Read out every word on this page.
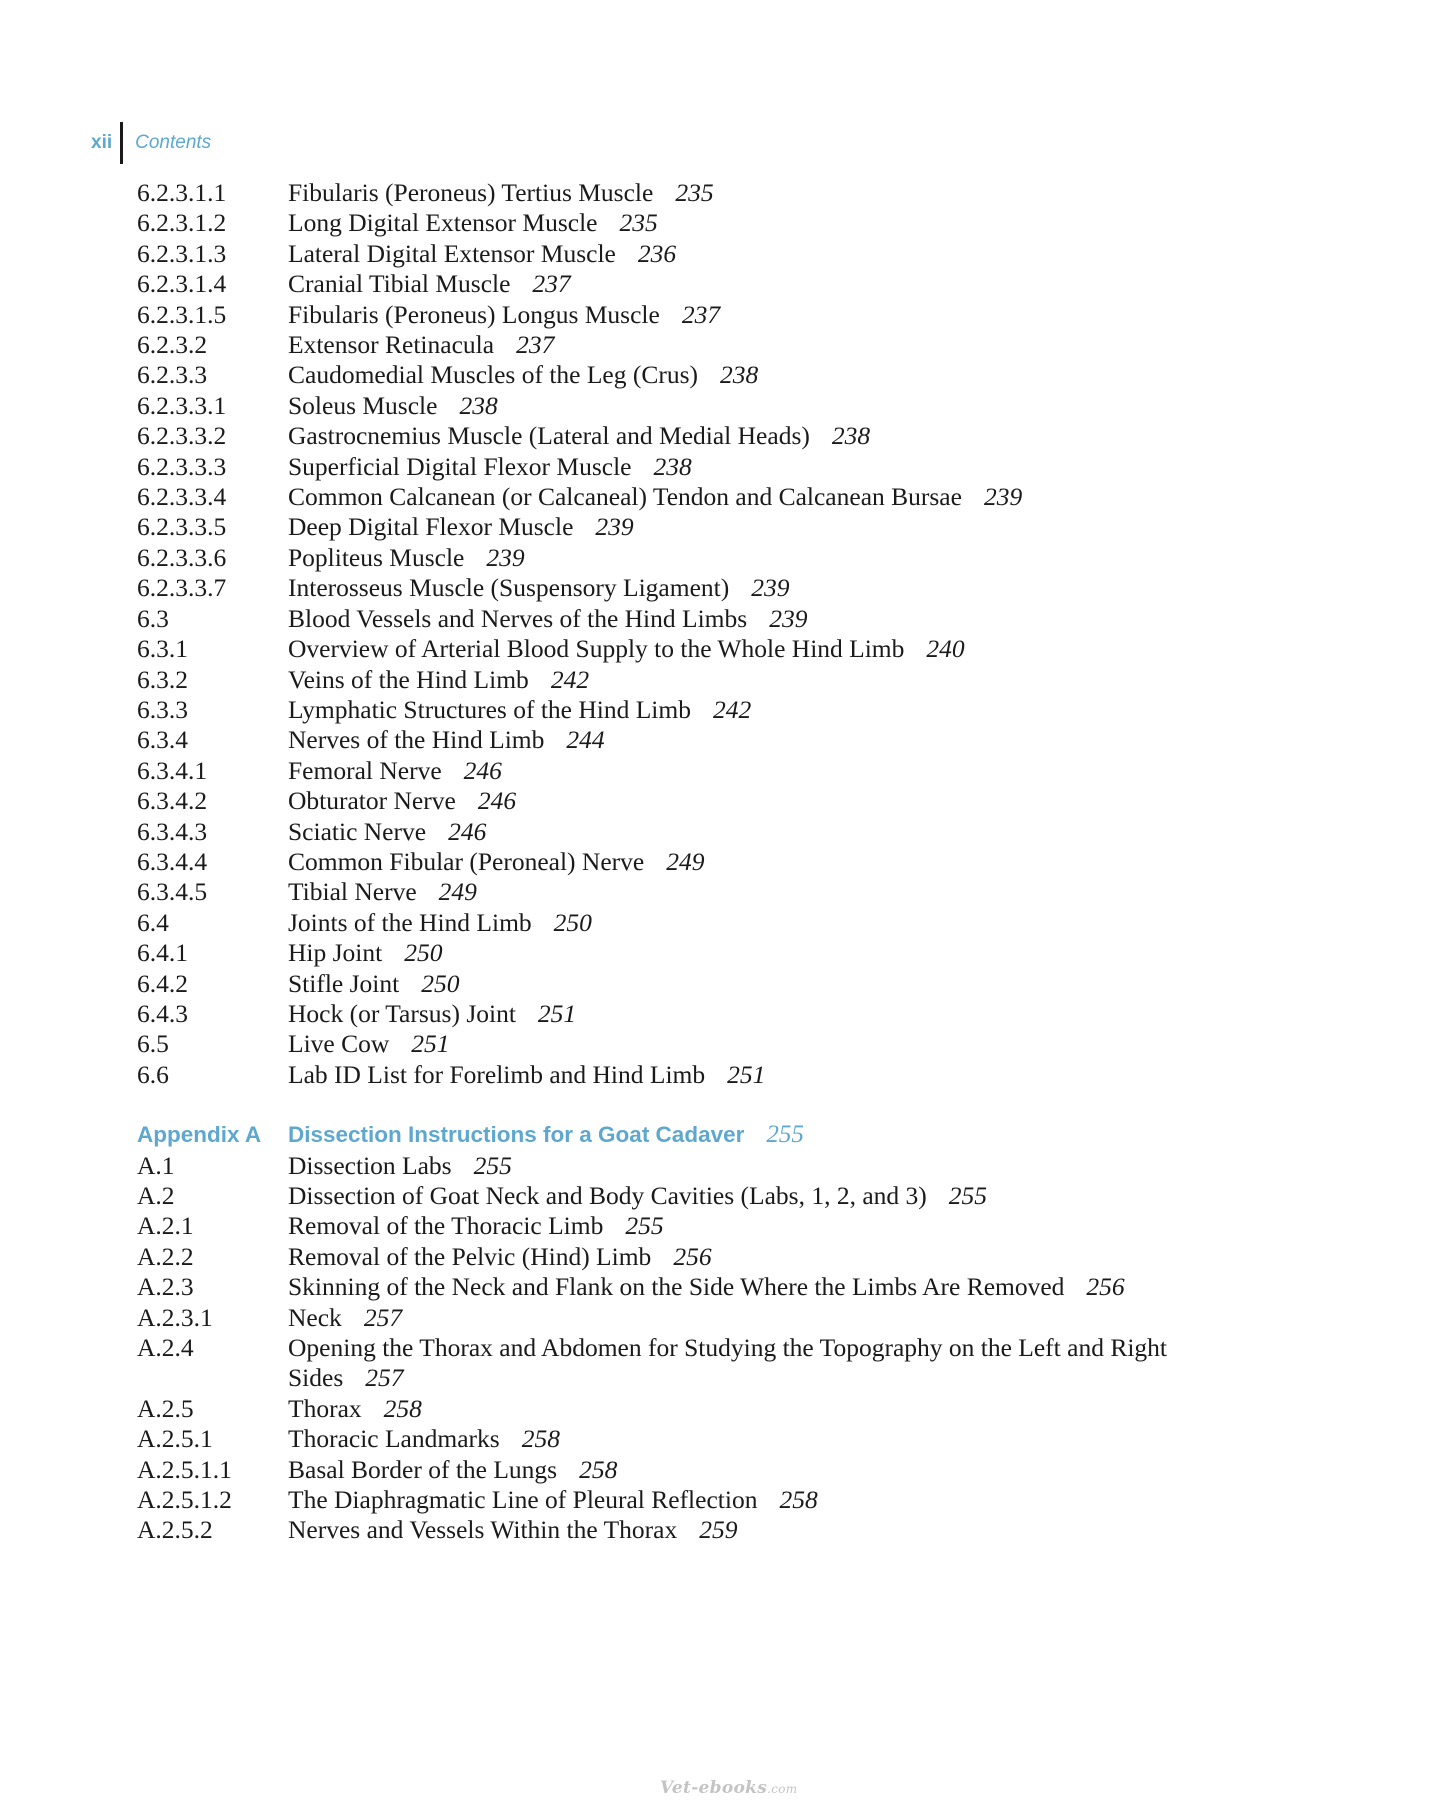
xii	Contents
6.2.3.1.1	Fibularis (Peroneus) Tertius Muscle 235
6.2.3.1.2	Long Digital Extensor Muscle 235
6.2.3.1.3	Lateral Digital Extensor Muscle 236
6.2.3.1.4	Cranial Tibial Muscle 237
6.2.3.1.5	Fibularis (Peroneus) Longus Muscle 237
6.2.3.2	Extensor Retinacula 237
6.2.3.3	Caudomedial Muscles of the Leg (Crus) 238
6.2.3.3.1	Soleus Muscle 238
6.2.3.3.2	Gastrocnemius Muscle (Lateral and Medial Heads) 238
6.2.3.3.3	Superficial Digital Flexor Muscle 238
6.2.3.3.4	Common Calcanean (or Calcaneal) Tendon and Calcanean Bursae 239
6.2.3.3.5	Deep Digital Flexor Muscle 239
6.2.3.3.6	Popliteus Muscle 239
6.2.3.3.7	Interosseus Muscle (Suspensory Ligament) 239
6.3	Blood Vessels and Nerves of the Hind Limbs 239
6.3.1	Overview of Arterial Blood Supply to the Whole Hind Limb 240
6.3.2	Veins of the Hind Limb 242
6.3.3	Lymphatic Structures of the Hind Limb 242
6.3.4	Nerves of the Hind Limb 244
6.3.4.1	Femoral Nerve 246
6.3.4.2	Obturator Nerve 246
6.3.4.3	Sciatic Nerve 246
6.3.4.4	Common Fibular (Peroneal) Nerve 249
6.3.4.5	Tibial Nerve 249
6.4	Joints of the Hind Limb 250
6.4.1	Hip Joint 250
6.4.2	Stifle Joint 250
6.4.3	Hock (or Tarsus) Joint 251
6.5	Live Cow 251
6.6	Lab ID List for Forelimb and Hind Limb 251
Appendix A	Dissection Instructions for a Goat Cadaver 255
A.1	Dissection Labs 255
A.2	Dissection of Goat Neck and Body Cavities (Labs, 1, 2, and 3) 255
A.2.1	Removal of the Thoracic Limb 255
A.2.2	Removal of the Pelvic (Hind) Limb 256
A.2.3	Skinning of the Neck and Flank on the Side Where the Limbs Are Removed 256
A.2.3.1	Neck 257
A.2.4	Opening the Thorax and Abdomen for Studying the Topography on the Left and Right Sides 257
A.2.5	Thorax 258
A.2.5.1	Thoracic Landmarks 258
A.2.5.1.1	Basal Border of the Lungs 258
A.2.5.1.2	The Diaphragmatic Line of Pleural Reflection 258
A.2.5.2	Nerves and Vessels Within the Thorax 259
Vet-ebooks.com
